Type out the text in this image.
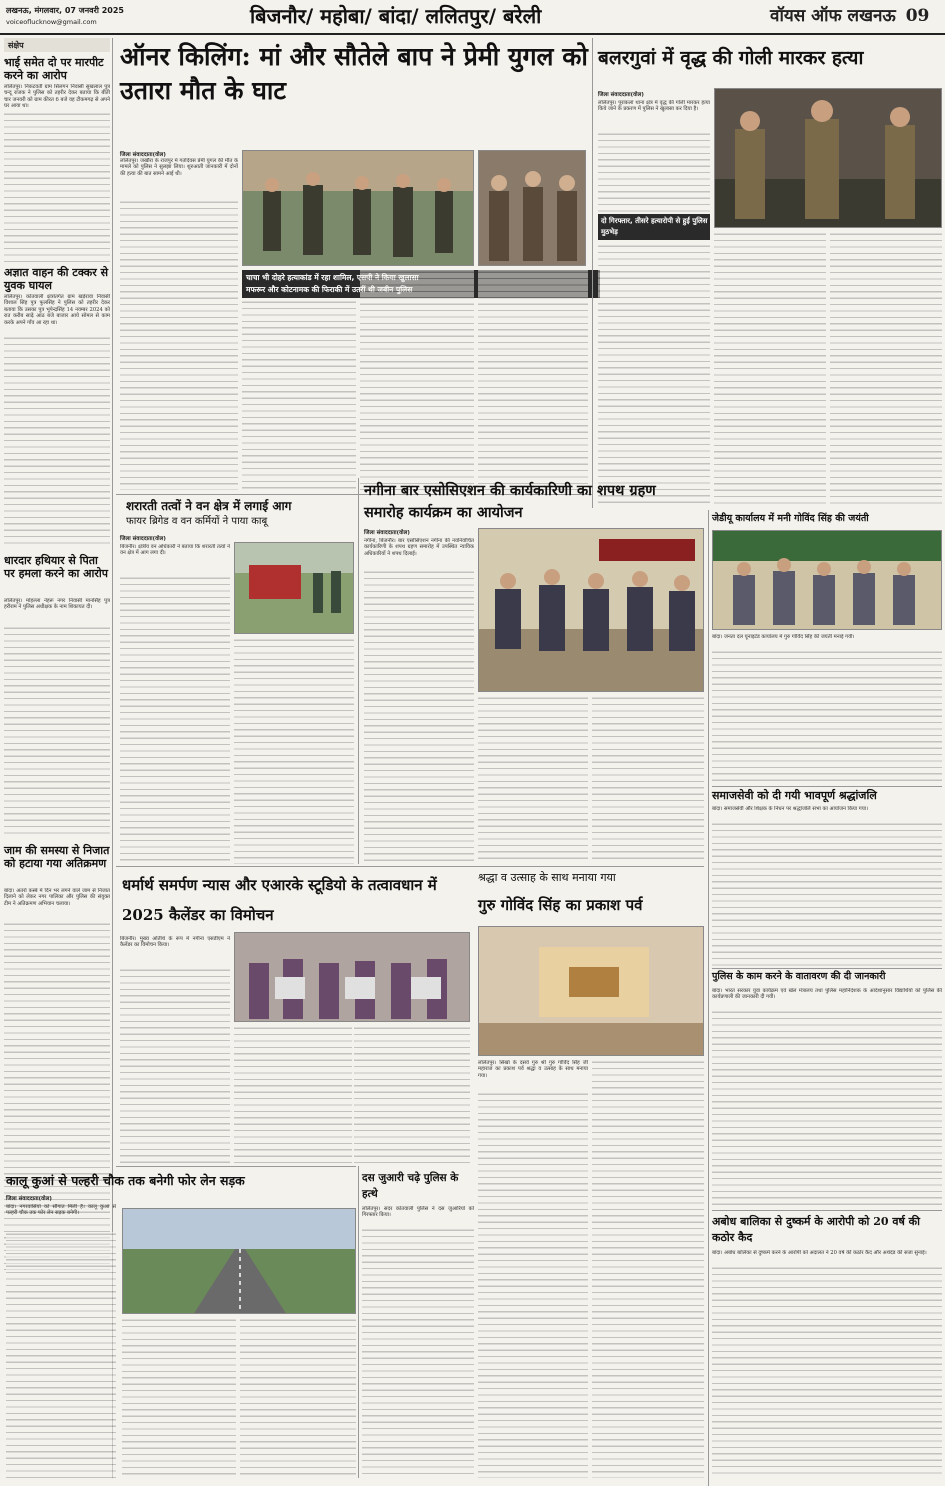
लखनऊ, मंगलवार, 07 जनवरी 2025
voiceoflucknow@gmail.com	बिजनौर/ महोबा/ बांदा/ ललितपुर/ बरेली	वॉयस ऑफ लखनऊ 09
संक्षेप
भाई समेत दो पर मारपीट करने का आरोप
ललितपुर। निकटवर्ती ग्राम सिलगन निवासी सुखलाल पुत्र चन्दू राजक ने पुलिस को तहरीर देकर बताया कि बीती चार जनवरी को ग्राम कीरत 6 बजे वह टीकमगढ़ से अपने घर आया था।
अज्ञात वाहन की टक्कर से युवक घायल
ललितपुर। कोतवाली क्षेत्रांतर्गत ग्राम खड़ेरावा निवासी विशाल सिंह पुत्र फूलसिंह ने पुलिस को तहरीर देकर बताया कि उसका पुत्र भूपेन्द्रसिंह 14 नवम्बर 2024 को रात करीब साढ़े आठ बजे बाजार आये सोमल से काम करके अपने गाँव आ रहा था।
धारदार हथियार से पिता पर हमला करने का आरोप
ललितपुर। मोहल्ला नेहरू नगर निवासी मानसिंह पुत्र हरीराम ने पुलिस अधीक्षक के नाम शिकायत दी।
जाम की समस्या से निजात को हटाया गया अतिक्रमण
बांदा। अतर्रा कस्बे में दिन भर लगने वाले जाम से निजात दिलाने को लेकर नगर पालिका और पुलिस की संयुक्त टीम ने अतिक्रमण अभियान चलाया।
ऑनर किलिंग: मां और सौतेले बाप ने प्रेमी युगल को उतारा मौत के घाट
जिला संवाददाता(वोल)
ललितपुर। जखौरा के राजपुर में गतदिवस प्रेमी युगल की मौत के मामले को पुलिस ने सुलझा लिया। शुरुआती जानकारी में दोनों की हत्या की बात सामने आई थी।
चाचा भी दोहरे हत्याकांड में रहा शामिल, एसपी ने किया खुलासा
मफरूर और कोटनामक की फिराकी में उतरीं थी जबीन पुलिस
बलरगुवां में वृद्ध की गोली मारकर हत्या
जिला संवाददाता(वोल)
ललितपुर। पूराकलां थाना क्षेत्र में वृद्ध की गोली मारकर हत्या किये जाने के प्रकरण में पुलिस ने खुलासा कर दिया है।
दो गिरफ्तार, तीसरे हत्यारोपी से हुई पुलिस मुठभेड़
शरारती तत्वों ने वन क्षेत्र में लगाई आग
फायर ब्रिगेड व वन कर्मियों ने पाया काबू
जिला संवाददाता(वोल)
बिजनौर। क्षेत्रीय वन अधिकारी ने बताया कि शरारती तत्वों ने वन क्षेत्र में आग लगा दी।
नगीना बार एसोसिएशन की कार्यकारिणी का शपथ ग्रहण समारोह कार्यक्रम का आयोजन
जिला संवाददाता(वोल)
नगीना, बिजनौर। बार एसोसिएशन नगीना की नवनिर्वाचित कार्यकारिणी के शपथ ग्रहण समारोह में उपस्थित न्यायिक अधिकारियों ने शपथ दिलाई।
जेडीयू कार्यालय में मनी गोविंद सिंह की जयंती
बांदा। जनता दल यूनाइटेड कार्यालय में गुरु गोविंद सिंह की जयंती मनाई गयी।
समाजसेवी को दी गयी भावपूर्ण श्रद्धांजलि
बांदा। समाजसेवी और शिक्षक के निधन पर श्रद्धांजलि सभा का आयोजन किया गया।
पुलिस के काम करने के वातावरण की दी जानकारी
बांदा। भारत सरकार युवा कार्यक्रम एवं खेल मंत्रालय तथा पुलिस महानिदेशक के आदेशानुसार विद्यार्थियों को पुलिस की कार्यप्रणाली की जानकारी दी गयी।
अबोध बालिका से दुष्कर्म के आरोपी को 20 वर्ष की कठोर कैद
बांदा। अबोध बालिका से दुष्कर्म करने के आरोपी को अदालत ने 20 वर्ष की कठोर कैद और अर्थदंड की सजा सुनाई।
धर्मार्थ समर्पण न्यास और एआरके स्टूडियो के तत्वावधान में 2025 कैलेंडर का विमोचन
बिजनौर। मुख्य अतिथि के रूप में नगीना एसडीएम ने कैलेंडर का विमोचन किया।
श्रद्धा व उत्साह के साथ मनाया गया
गुरु गोविंद सिंह का प्रकाश पर्व
ललितपुर। सिखों के दसवें गुरु श्री गुरु गोविंद सिंह जी महाराज का प्रकाश पर्व श्रद्धा व उत्साह के साथ मनाया गया।
कालू कुआं से पल्हरी चौक तक बनेगी फोर लेन सड़क
जिला संवाददाता(वोल)
बांदा। नगरवासियों को सौगात मिली है। कालू कुआं से पल्हरी चौक तक फोर लेन सड़क बनेगी।
दस जुआरी चढ़े पुलिस के हत्थे
ललितपुर। सदर कोतवाली पुलिस ने दस जुआरियों को गिरफ्तार किया।
